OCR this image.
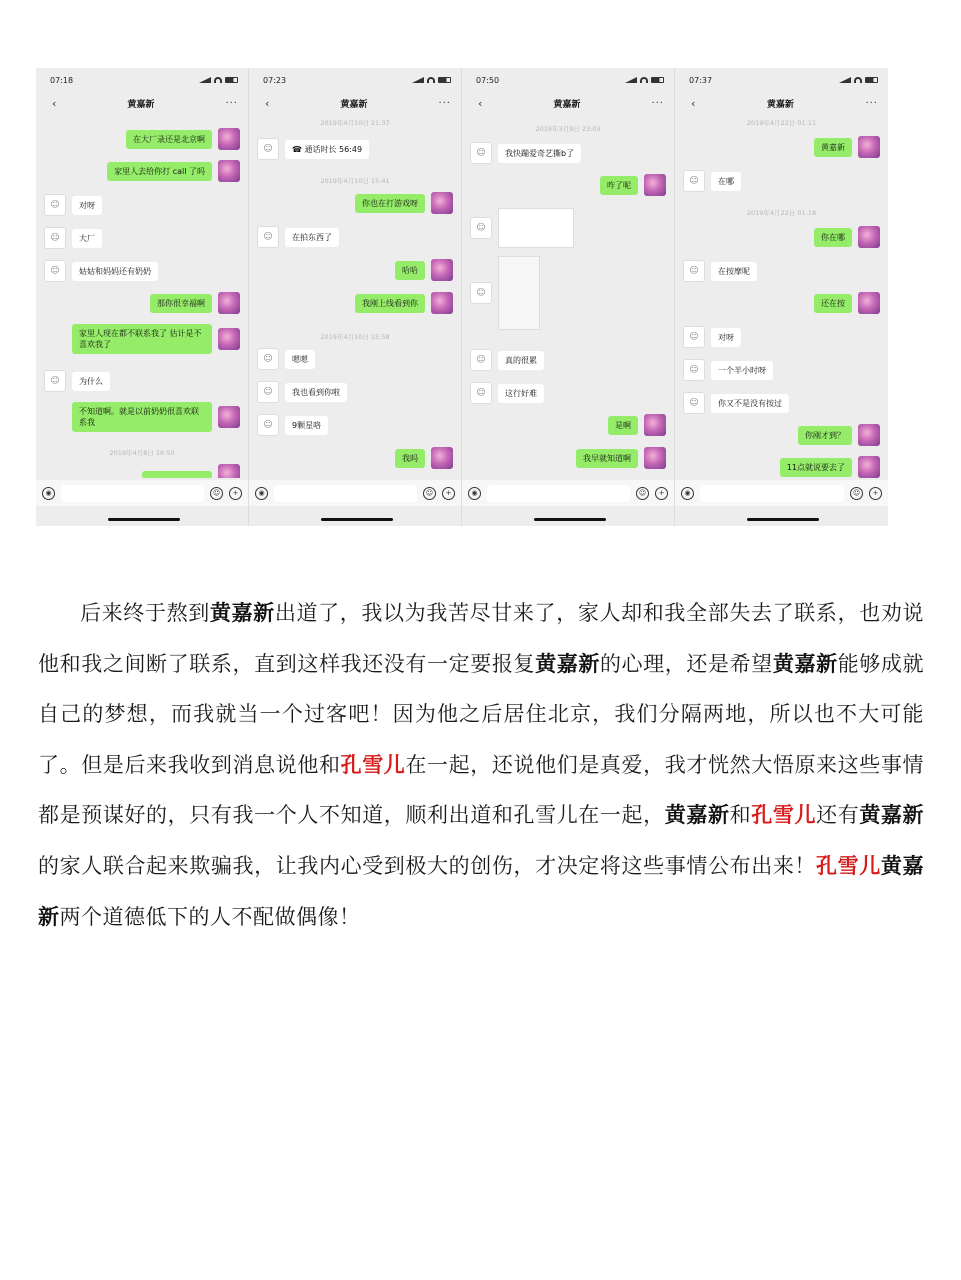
07:18
‹	黄嘉新	···
在大厂录还是北京啊
家里人去给你打 call 了吗
☺	对呀
☺	大厂
☺	姑姑和妈妈还有奶奶
那你很幸福啊
家里人现在都不联系我了 估计是不喜欢我了
☺	为什么
不知道啊。就是以前奶奶很喜欢联系我
2019年4月8日 16:50
◉	☺	+
07:23
‹	黄嘉新	···
2019年4月10日 21:37
☺	☎ 通话时长 56:49
2019年4月10日 15:41
你也在打游戏呀
☺	在拍东西了
哈哈
我刚上线看到你
2019年4月10日 15:58
☺	嗯嗯
☺	我也看到你啦
☺	9颗星咯
我吗
◉	☺	+
07:50
‹	黄嘉新	···
2019年3月9日 23:03
☺	我快蹦爱奇艺撕b了
咋了呢
☺
☺
☺	真的很累
☺	这行好难
是啊
我早就知道啊
◉	☺	+
07:37
‹	黄嘉新	···
2019年4月22日 01:11
黄嘉新
☺	在哪
2019年4月22日 01:18
你在哪
☺	在按摩呢
还在按
☺	对呀
☺	一个半小时呀
☺	你又不是没有按过
你刚才到？
11点就说要去了
◉	☺	+
后来终于熬到黄嘉新出道了，我以为我苦尽甘来了，家人却和我全部失去了联系，也劝说他和我之间断了联系，直到这样我还没有一定要报复黄嘉新的心理，还是希望黄嘉新能够成就自己的梦想，而我就当一个过客吧！因为他之后居住北京，我们分隔两地，所以也不大可能了。但是后来我收到消息说他和孔雪儿在一起，还说他们是真爱，我才恍然大悟原来这些事情都是预谋好的，只有我一个人不知道，顺利出道和孔雪儿在一起，黄嘉新和孔雪儿还有黄嘉新的家人联合起来欺骗我，让我内心受到极大的创伤，才决定将这些事情公布出来！孔雪儿黄嘉新两个道德低下的人不配做偶像！
